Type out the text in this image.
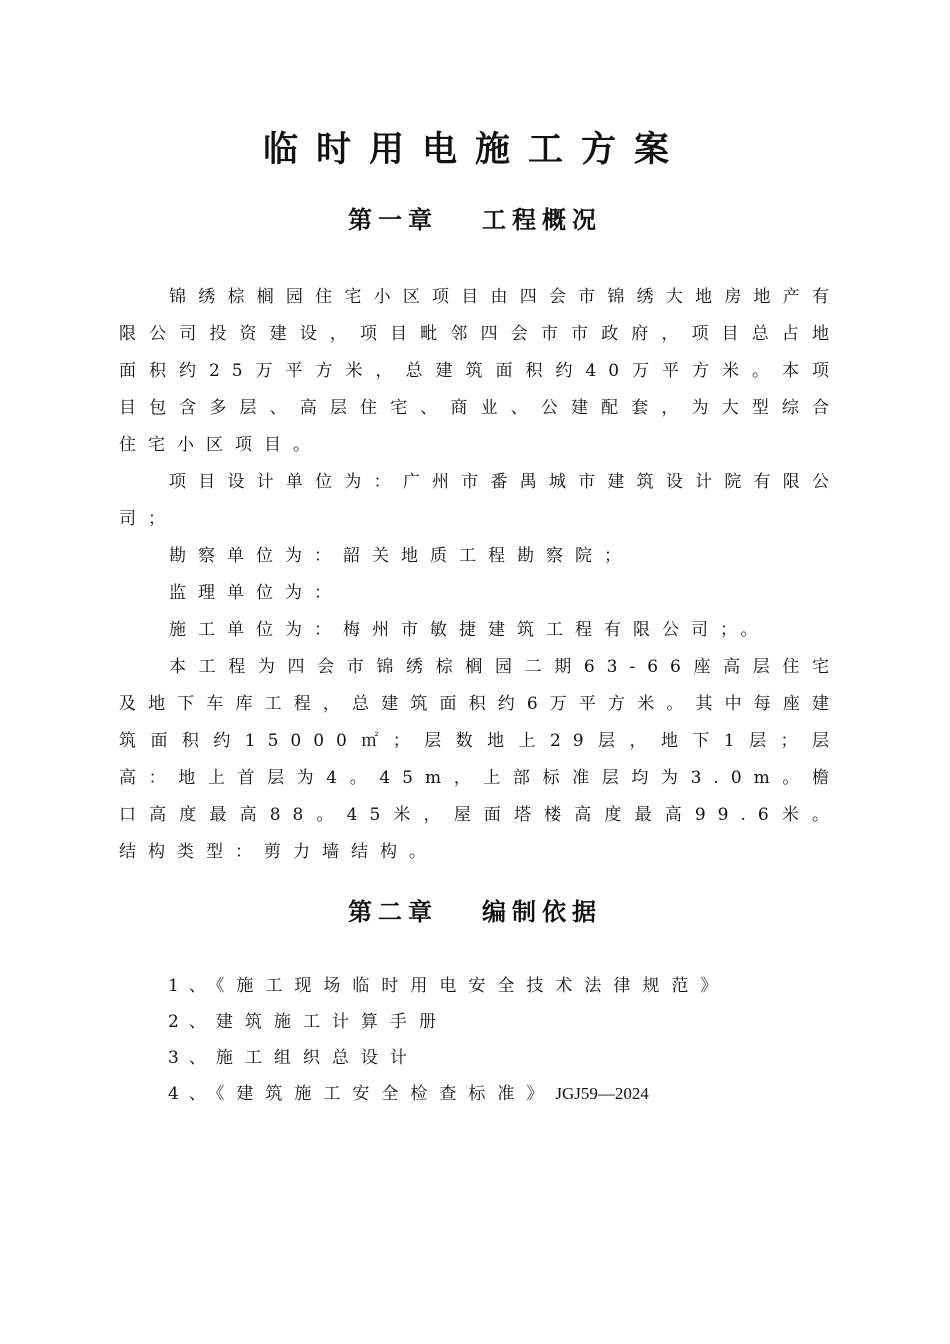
临时用电施工方案
第一章 工程概况

锦绣棕榈园住宅小区项目由四会市锦绣大地房地产有限公司投资建设，项目毗邻四会市市政府，项目总占地面积约25万平方米，总建筑面积约40万平方米。本项目包含多层、高层住宅、商业、公建配套，为大型综合住宅小区项目。

项目设计单位为：广州市番禺城市建筑设计院有限公司；

勘察单位为：韶关地质工程勘察院；

监理单位为：

施工单位为：梅州市敏捷建筑工程有限公司；。

本工程为四会市锦绣棕榈园二期63-66座高层住宅及地下车库工程，总建筑面积约6万平方米。其中每座建筑面积约15000㎡；层数地上29层，地下1层；层高：地上首层为4。45m，上部标准层均为3.0m。檐口高度最高88。45米，屋面塔楼高度最高99.6米。结构类型：剪力墙结构。

第二章 编制依据
1、《施工现场临时用电安全技术法律规范》
2、建筑施工计算手册
3、施工组织总设计
4、《建筑施工安全检查标准》JGJ59—2024
